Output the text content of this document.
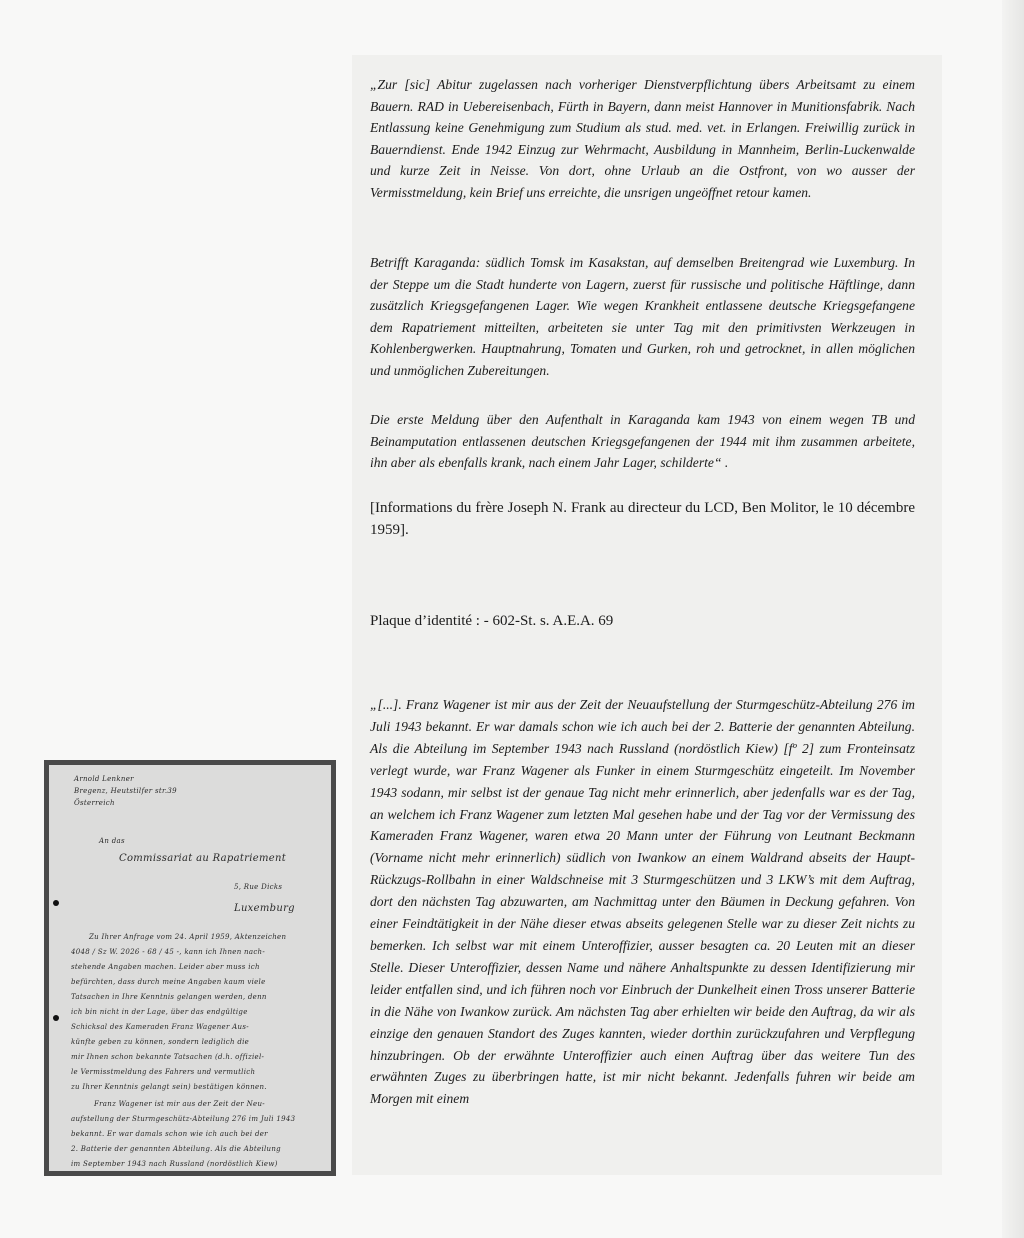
„Zur [sic] Abitur zugelassen nach vorheriger Dienstverpflichtung übers Arbeitsamt zu einem Bauern. RAD in Uebereisenbach, Fürth in Bayern, dann meist Hannover in Munitionsfabrik. Nach Entlassung keine Genehmigung zum Studium als stud. med. vet. in Erlangen. Freiwillig zurück in Bauerndienst. Ende 1942 Einzug zur Wehrmacht, Ausbildung in Mannheim, Berlin-Luckenwalde und kurze Zeit in Neisse. Von dort, ohne Urlaub an die Ostfront, von wo ausser der Vermisstmeldung, kein Brief uns erreichte, die unsrigen ungeöffnet retour kamen.

Betrifft Karaganda: südlich Tomsk im Kasakstan, auf demselben Breitengrad wie Luxemburg. In der Steppe um die Stadt hunderte von Lagern, zuerst für russische und politische Häftlinge, dann zusätzlich Kriegsgefangenen Lager. Wie wegen Krankheit entlassene deutsche Kriegsgefangene dem Rapatriement mitteilten, arbeiteten sie unter Tag mit den primitivsten Werkzeugen in Kohlenbergwerken. Hauptnahrung, Tomaten und Gurken, roh und getrocknet, in allen möglichen und unmöglichen Zubereitungen.

Die erste Meldung über den Aufenthalt in Karaganda kam 1943 von einem wegen TB und Beinamputation entlassenen deutschen Kriegsgefangenen der 1944 mit ihm zusammen arbeitete, ihn aber als ebenfalls krank, nach einem Jahr Lager, schilderte“ .

[Informations du frère Joseph N. Frank au directeur du LCD, Ben Molitor, le 10 décembre 1959].

Plaque d’identité : - 602-St. s. A.E.A. 69

„[...]. Franz Wagener ist mir aus der Zeit der Neuaufstellung der Sturmgeschütz-Abteilung 276 im Juli 1943 bekannt. Er war damals schon wie ich auch bei der 2. Batterie der genannten Abteilung. Als die Abteilung im September 1943 nach Russland (nordöstlich Kiew) [fº 2] zum Fronteinsatz verlegt wurde, war Franz Wagener als Funker in einem Sturmgeschütz eingeteilt. Im November 1943 sodann, mir selbst ist der genaue Tag nicht mehr erinnerlich, aber jedenfalls war es der Tag, an welchem ich Franz Wagener zum letzten Mal gesehen habe und der Tag vor der Vermissung des Kameraden Franz Wagener, waren etwa 20 Mann unter der Führung von Leutnant Beckmann (Vorname nicht mehr erinnerlich) südlich von Iwankow an einem Waldrand abseits der Haupt-Rückzugs-Rollbahn in einer Waldschneise mit 3 Sturmgeschützen und 3 LKW’s mit dem Auftrag, dort den nächsten Tag abzuwarten, am Nachmittag unter den Bäumen in Deckung gefahren. Von einer Feindtätigkeit in der Nähe dieser etwas abseits gelegenen Stelle war zu dieser Zeit nichts zu bemerken. Ich selbst war mit einem Unteroffizier, ausser besagten ca. 20 Leuten mit an dieser Stelle. Dieser Unteroffizier, dessen Name und nähere Anhaltspunkte zu dessen Identifizierung mir leider entfallen sind, und ich führen noch vor Einbruch der Dunkelheit einen Tross unserer Batterie in die Nähe von Iwankow zurück. Am nächsten Tag aber erhielten wir beide den Auftrag, da wir als einzige den genauen Standort des Zuges kannten, wieder dorthin zurückzufahren und Verpflegung hinzubringen. Ob der erwähnte Unteroffizier auch einen Auftrag über das weitere Tun des erwähnten Zuges zu überbringen hatte, ist mir nicht bekannt. Jedenfalls fuhren wir beide am Morgen mit einem

Arnold Lenkner
Bregenz, Heutstilfer str.39
Österreich
An das
Commissariat au Rapatriement
5, Rue Dicks
Luxemburg
Zu Ihrer Anfrage vom 24. April 1959, Aktenzeichen
4048 / Sz W. 2026 - 68 / 45 -, kann ich Ihnen nach-
stehende Angaben machen. Leider aber muss ich
befürchten, dass durch meine Angaben kaum viele
Tatsachen in Ihre Kenntnis gelangen werden, denn
ich bin nicht in der Lage, über das endgültige
Schicksal des Kameraden Franz Wagener Aus-
künfte geben zu können, sondern lediglich die
mir Ihnen schon bekannte Tatsachen (d.h. offiziel-
le Vermisstmeldung des Fahrers und vermutlich
zu Ihrer Kenntnis gelangt sein) bestätigen können.
Franz Wagener ist mir aus der Zeit der Neu-
aufstellung der Sturmgeschütz-Abteilung 276 im Juli 1943
bekannt. Er war damals schon wie ich auch bei der
2. Batterie der genannten Abteilung. Als die Abteilung
im September 1943 nach Russland (nordöstlich Kiew)
